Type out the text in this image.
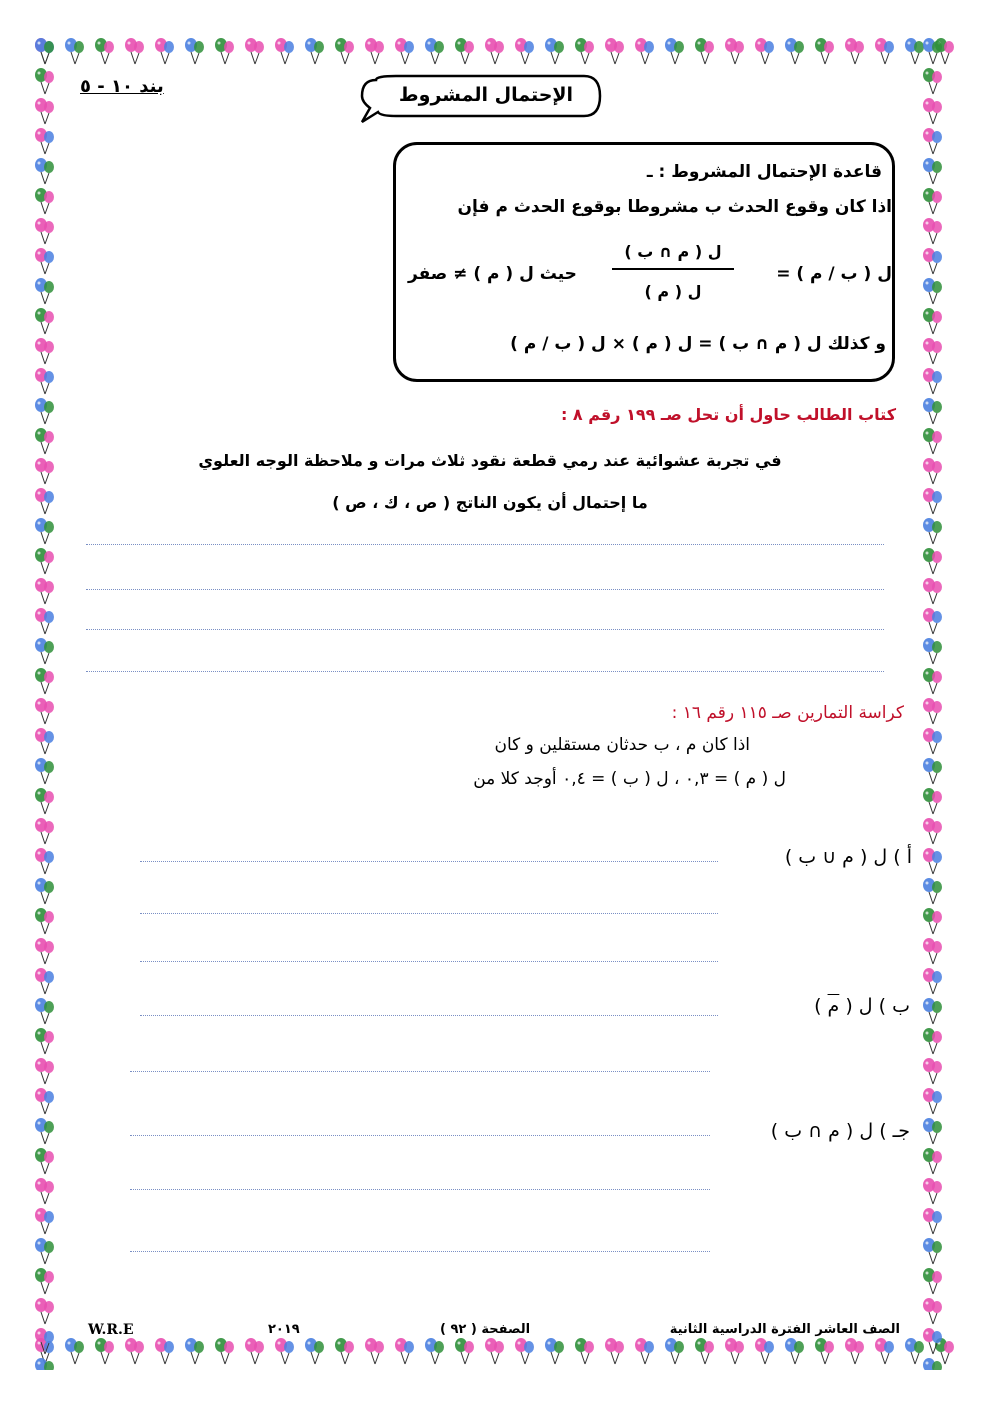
بند ١٠ - ٥	الإحتمال المشروط
قاعدة الإحتمال المشروط : ـ
اذا كان وقوع الحدث ب مشروطا بوقوع الحدث م فإن
ل ( ب / م ) =
ل ( م ∩ ب )
ل ( م )
حيث ل ( م ) ≠ صفر
و كذلك ل ( م ∩ ب ) = ل ( م ) × ل ( ب / م )
كتاب الطالب حاول أن تحل صـ ١٩٩ رقم ٨ :
في تجربة عشوائية عند رمي قطعة نقود ثلاث مرات و ملاحظة الوجه العلوي
ما إحتمال أن يكون الناتج ( ص ، ك ، ص )
كراسة التمارين صـ ١١٥ رقم ١٦ :
اذا كان م ، ب حدثان مستقلين و كان
ل ( م ) = ٠,٣ ، ل ( ب ) = ٠,٤ أوجد كلا من
أ ) ل ( م ∪ ب )
ب ) ل ( م )
جـ ) ل ( م ∩ ب )
الصف العاشر الفترة الدراسية الثانية
الصفحة ( ٩٢ )
٢٠١٩
W.R.E
